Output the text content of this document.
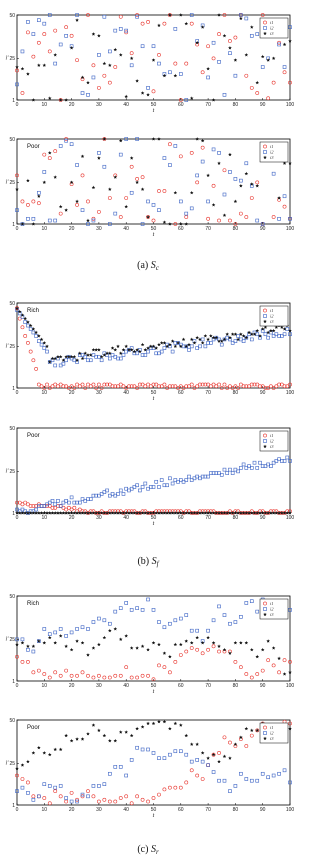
0	10	20	30	40	50	60	70	80	90	100
1
25
50
t
i'
i1
i2
i3
0	10	20	30	40	50	60	70	80	90	100
1
25
50
t
i'
Poor	i1
i2
i3
0	10	20	30	40	50	60	70	80	90	100
1
25
50
t
i'
Rich	i1
i2
i3
0	10	20	30	40	50	60	70	80	90	100
1
25
50
t
i'
Poor	i1
i2
i3
0	10	20	30	40	50	60	70	80	90	100
1
25
50
t
i'
Rich	i1
i2
i3
0	10	20	30	40	50	60	70	80	90	100
1
25
50
t
i'
Poor	i1
i2
i3
(a) $S_c$
(b) $S_f$
(c) $S_r$
